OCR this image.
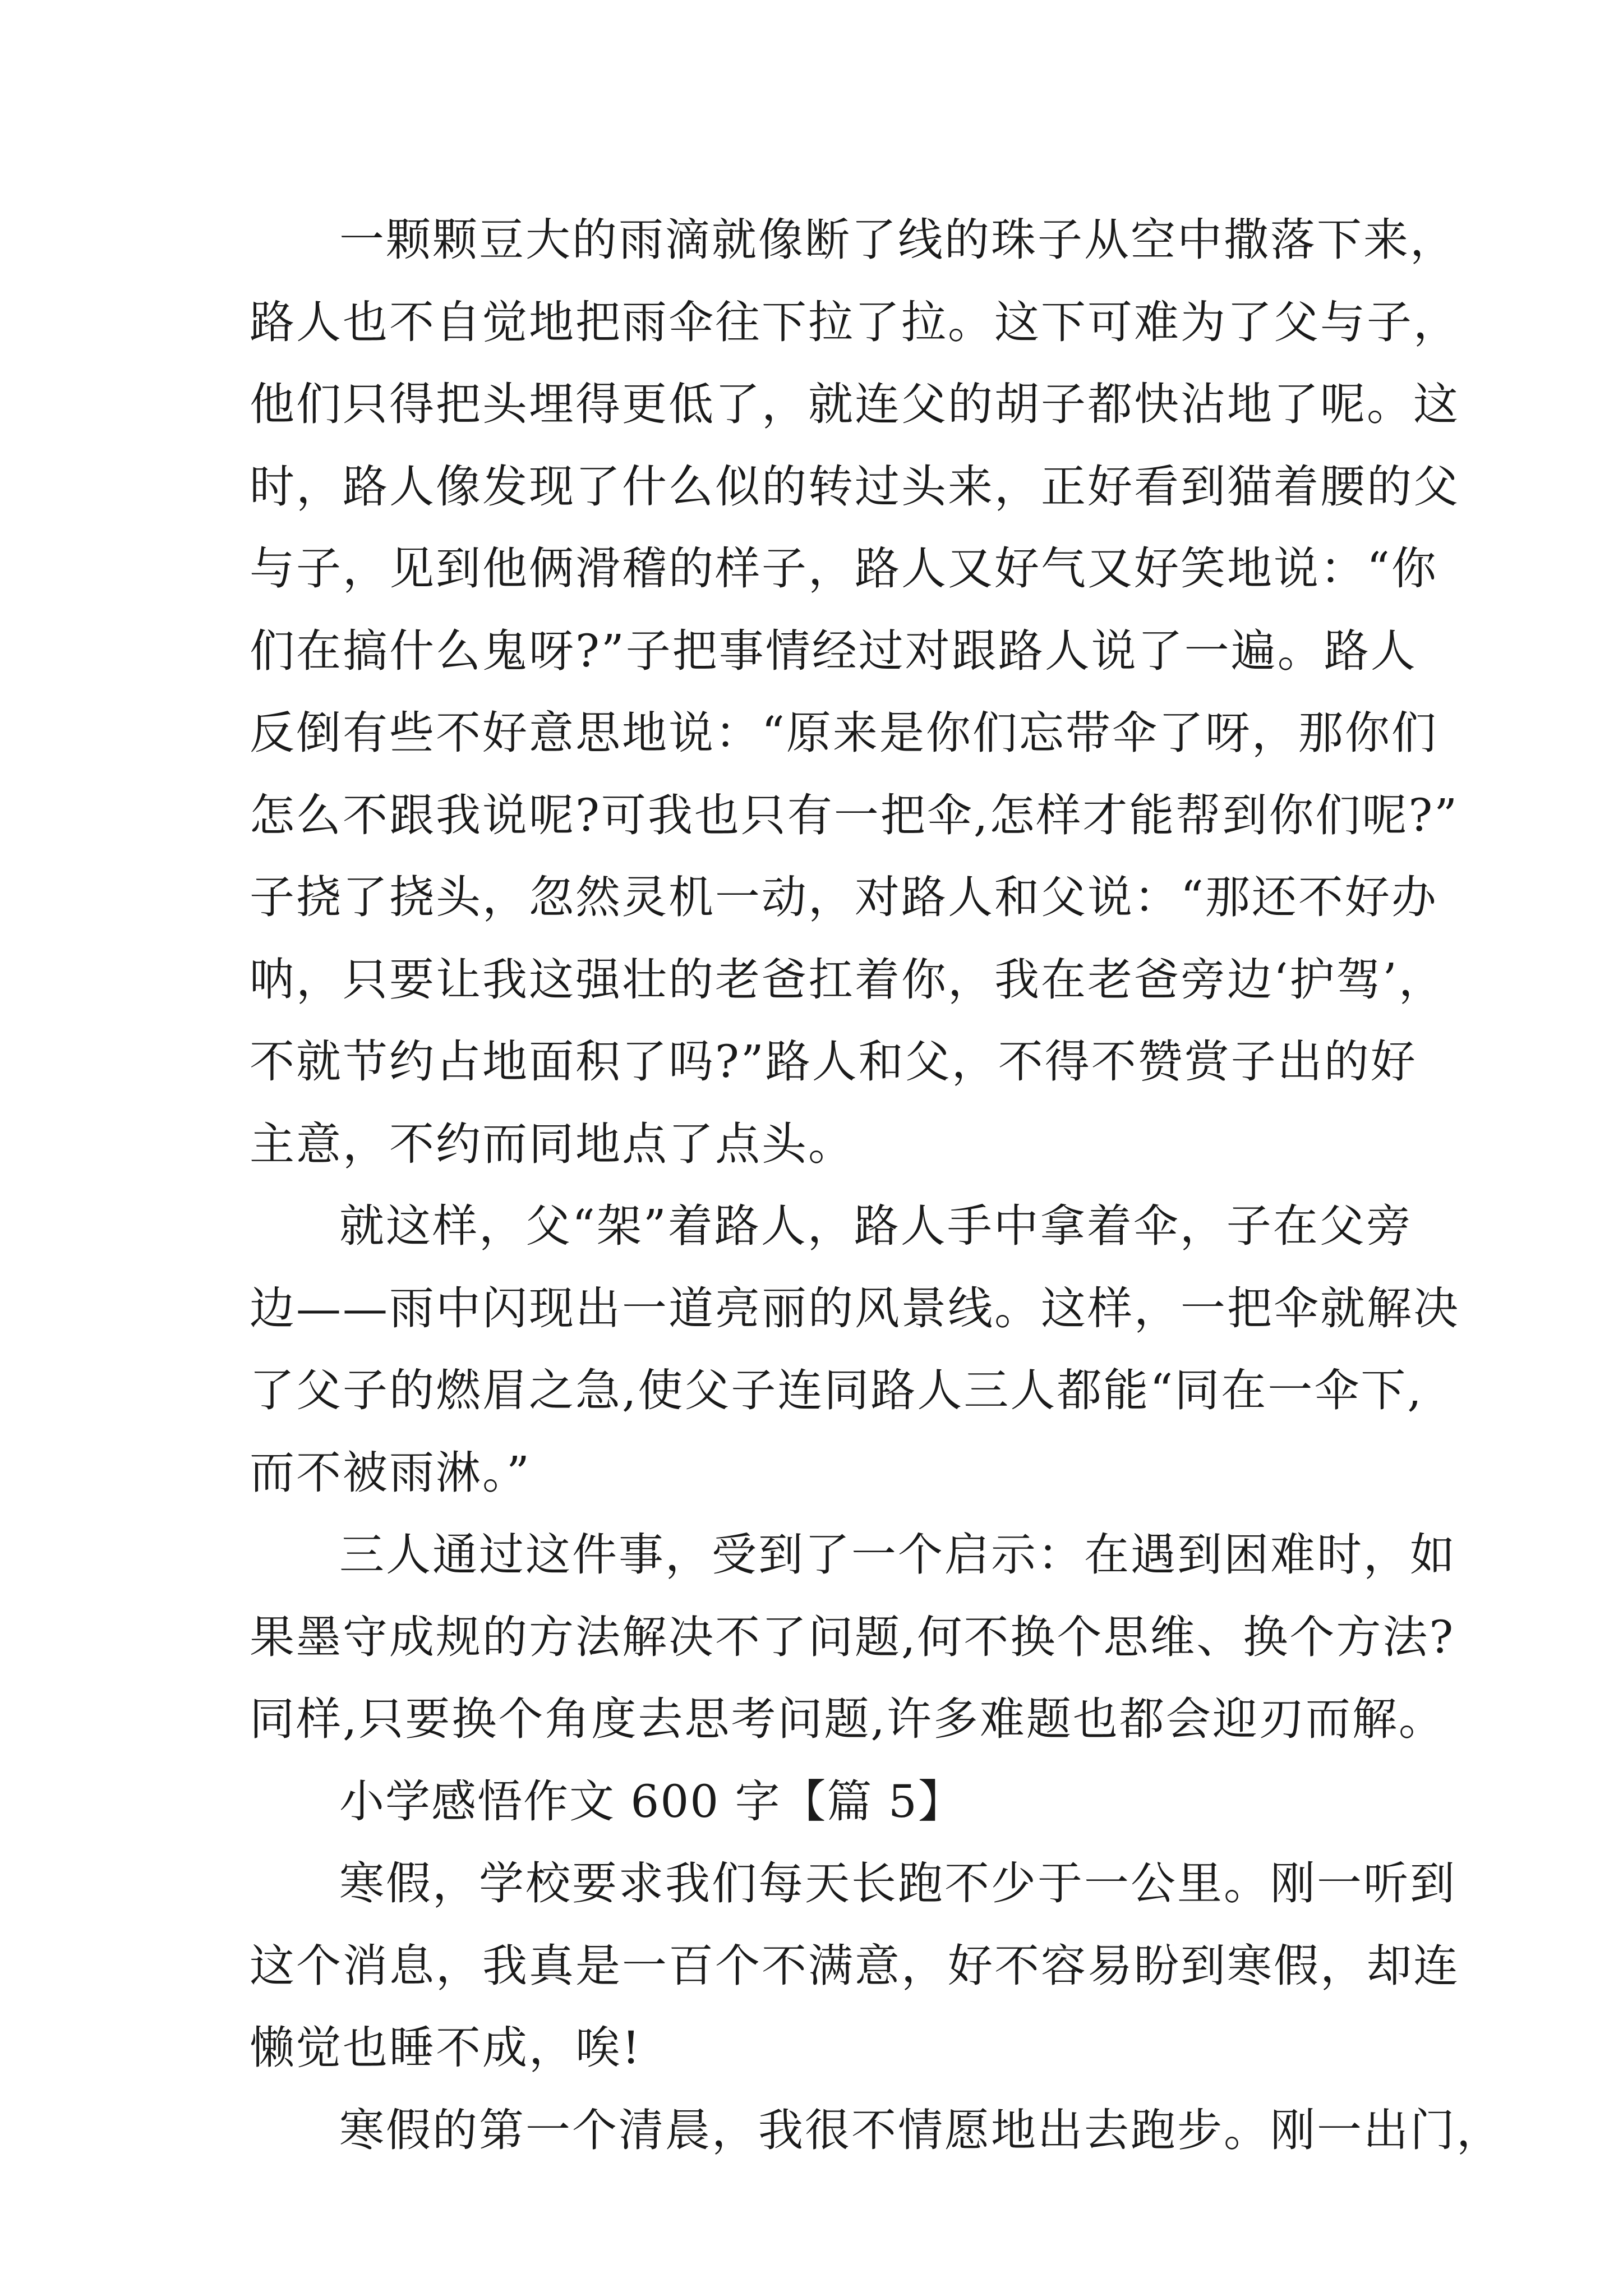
一颗颗豆大的雨滴就像断了线的珠子从空中撒落下来，
路人也不自觉地把雨伞往下拉了拉。这下可难为了父与子，
他们只得把头埋得更低了，就连父的胡子都快沾地了呢。这
时，路人像发现了什么似的转过头来，正好看到猫着腰的父
与子，见到他俩滑稽的样子，路人又好气又好笑地说：“你
们在搞什么鬼呀?”子把事情经过对跟路人说了一遍。路人
反倒有些不好意思地说：“原来是你们忘带伞了呀，那你们
怎么不跟我说呢?可我也只有一把伞,怎样才能帮到你们呢?”
子挠了挠头，忽然灵机一动，对路人和父说：“那还不好办
呐，只要让我这强壮的老爸扛着你，我在老爸旁边‘护驾’，
不就节约占地面积了吗?”路人和父，不得不赞赏子出的好
主意，不约而同地点了点头。
就这样，父“架”着路人，路人手中拿着伞，子在父旁
边——雨中闪现出一道亮丽的风景线。这样，一把伞就解决
了父子的燃眉之急,使父子连同路人三人都能“同在一伞下,
而不被雨淋。”
三人通过这件事，受到了一个启示：在遇到困难时，如
果墨守成规的方法解决不了问题,何不换个思维、换个方法?
同样,只要换个角度去思考问题,许多难题也都会迎刃而解。
小学感悟作文 600 字【篇 5】
寒假，学校要求我们每天长跑不少于一公里。刚一听到
这个消息，我真是一百个不满意，好不容易盼到寒假，却连
懒觉也睡不成，唉!
寒假的第一个清晨，我很不情愿地出去跑步。刚一出门，
